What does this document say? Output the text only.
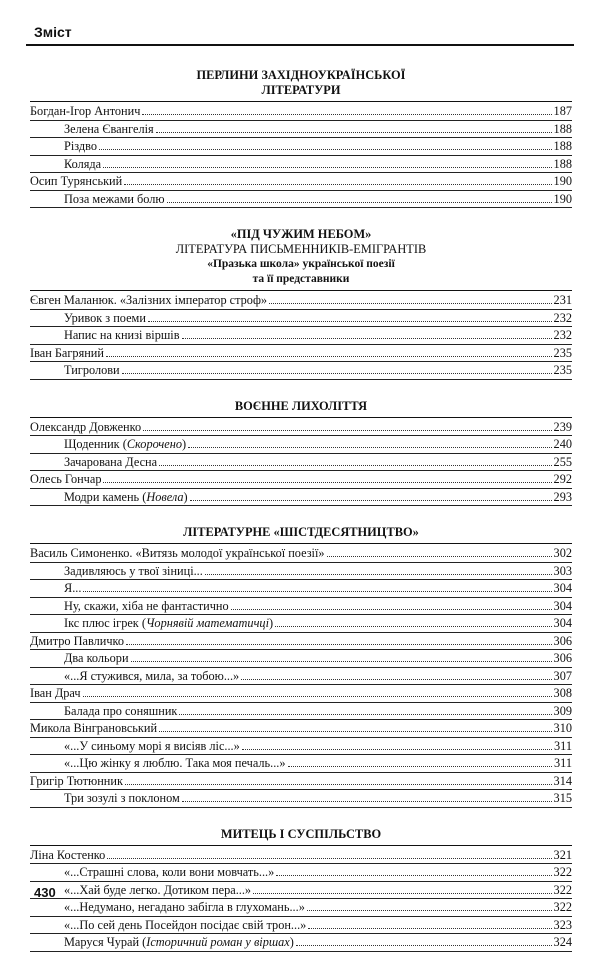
Зміст
ПЕРЛИНИ ЗАХІДНОУКРАЇНСЬКОЇ
ЛІТЕРАТУРИ
Богдан-Ігор Антонич	187
Зелена Євангелія	188
Різдво	188
Коляда	188
Осип Турянський	190
Поза межами болю	190
«ПІД ЧУЖИМ НЕБОМ»
ЛІТЕРАТУРА ПИСЬМЕННИКІВ-ЕМІГРАНТІВ
«Празька школа» української поезії
та її представники
Євген Маланюк. «Залізних імператор строф»	231
Уривок з поеми	232
Напис на книзі віршів	232
Іван Багряний	235
Тигролови	235
ВОЄННЕ ЛИХОЛІТТЯ
Олександр Довженко	239
Щоденник (Скорочено)	240
Зачарована Десна	255
Олесь Гончар	292
Модри камень (Новела)	293
ЛІТЕРАТУРНЕ «ШІСТДЕСЯТНИЦТВО»
Василь Симоненко. «Витязь молодої української поезії»	302
Задивляюсь у твої зіниці...	303
Я...	304
Ну, скажи, хіба не фантастично	304
Ікс плюс ігрек (Чорнявій математичці)	304
Дмитро Павличко	306
Два кольори	306
«...Я стужився, мила, за тобою...»	307
Іван Драч	308
Балада про соняшник	309
Микола Вінграновський	310
«...У синьому морі я висіяв ліс...»	311
«...Цю жінку я люблю. Така моя печаль...»	311
Григір Тютюнник	314
Три зозулі з поклоном	315
МИТЕЦЬ І СУСПІЛЬСТВО
Ліна Костенко	321
«...Страшні слова, коли вони мовчать...»	322
«...Хай буде легко. Дотиком пера...»	322
«...Недумано, негадано забігла в глухомань...»	322
«...По сей день Посейдон посідає свій трон...»	323
Маруся Чурай (Історичний роман у віршах)	324
430
